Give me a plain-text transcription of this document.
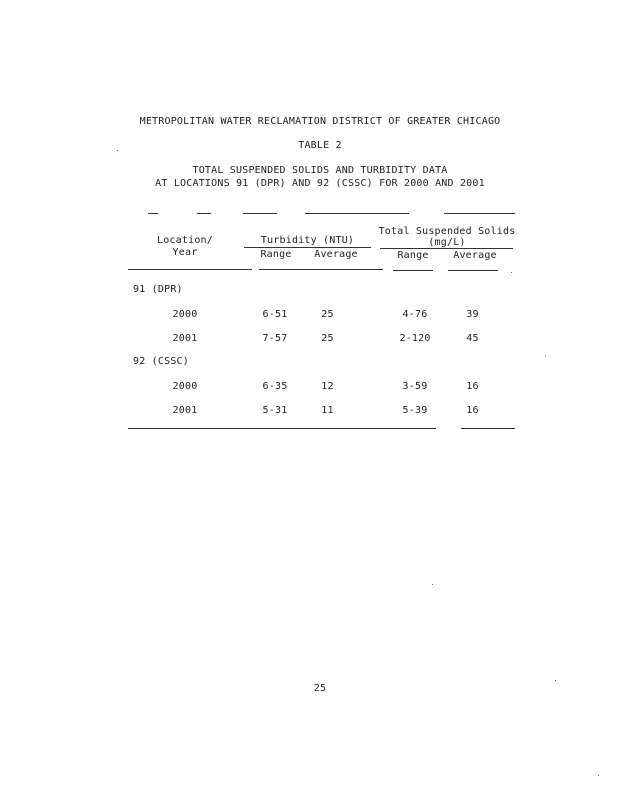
METROPOLITAN WATER RECLAMATION DISTRICT OF GREATER CHICAGO
TABLE 2
TOTAL SUSPENDED SOLIDS AND TURBIDITY DATA
AT LOCATIONS 91 (DPR) AND 92 (CSSC) FOR 2000 AND 2001
Location/
Year
Turbidity (NTU)
Total Suspended Solids
(mg/L)
Range	Average	Range	Average
91 (DPR)
2000	6-51	25	4-76	39
2001	7-57	25	2-120	45
92 (CSSC)
2000	6-35	12	3-59	16
2001	5-31	11	5-39	16
25
